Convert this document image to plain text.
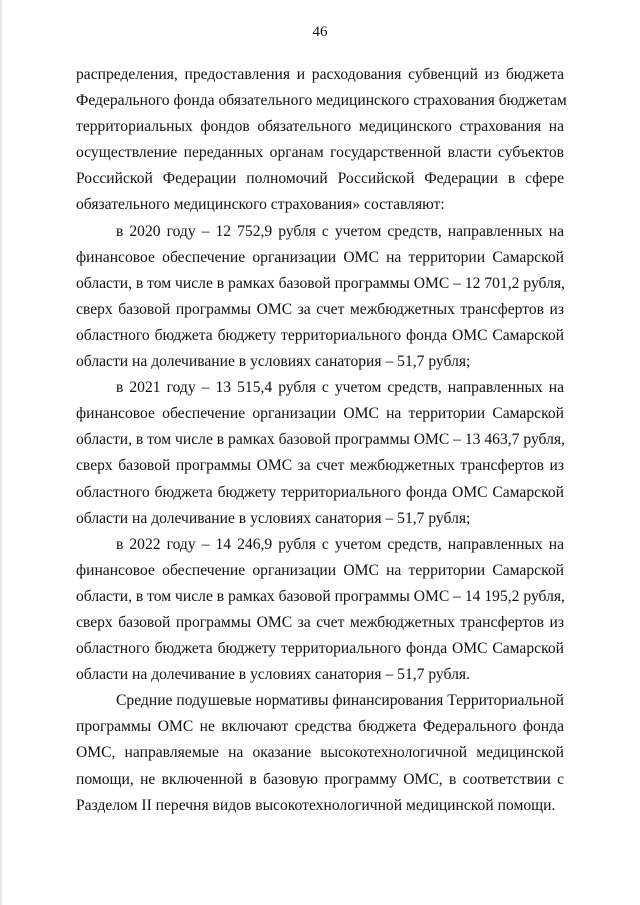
46

распределения, предоставления и расходования субвенций из бюджета
Федерального фонда обязательного медицинского страхования бюджетам
территориальных фондов обязательного медицинского страхования на
осуществление переданных органам государственной власти субъектов
Российской Федерации полномочий Российской Федерации в сфере
обязательного медицинского страхования» составляют:

в 2020 году – 12 752,9 рубля с учетом средств, направленных на
финансовое обеспечение организации ОМС на территории Самарской
области, в том числе в рамках базовой программы ОМС – 12 701,2 рубля,
сверх базовой программы ОМС за счет межбюджетных трансфертов из
областного бюджета бюджету территориального фонда ОМС Самарской
области на долечивание в условиях санатория – 51,7 рубля;

в 2021 году – 13 515,4 рубля с учетом средств, направленных на
финансовое обеспечение организации ОМС на территории Самарской
области, в том числе в рамках базовой программы ОМС – 13 463,7 рубля,
сверх базовой программы ОМС за счет межбюджетных трансфертов из
областного бюджета бюджету территориального фонда ОМС Самарской
области на долечивание в условиях санатория – 51,7 рубля;

в 2022 году – 14 246,9 рубля с учетом средств, направленных на
финансовое обеспечение организации ОМС на территории Самарской
области, в том числе в рамках базовой программы ОМС – 14 195,2 рубля,
сверх базовой программы ОМС за счет межбюджетных трансфертов из
областного бюджета бюджету территориального фонда ОМС Самарской
области на долечивание в условиях санатория – 51,7 рубля.

Средние подушевые нормативы финансирования Территориальной
программы ОМС не включают средства бюджета Федерального фонда
ОМС, направляемые на оказание высокотехнологичной медицинской
помощи, не включенной в базовую программу ОМС, в соответствии с
Разделом II перечня видов высокотехнологичной медицинской помощи.
